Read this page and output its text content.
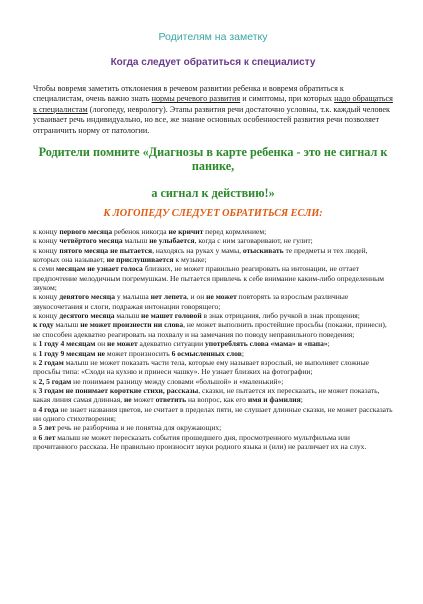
Родителям на заметку
Когда следует обратиться к специалисту
Чтобы вовремя заметить отклонения в речевом развитии ребенка и вовремя обратиться к специалистам, очень важно знать нормы речевого развития и симптомы, при которых надо обращаться к специалистам (логопеду, неврологу). Этапы развития речи достаточно условны, т.к. каждый человек усваивает речь индивидуально, но все, же знание основных особенностей развития речи позволяет отграничить норму от патологии.
Родители помните «Диагнозы в карте ребенка - это не сигнал к панике,
а сигнал к действию!»
К ЛОГОПЕДУ СЛЕДУЕТ ОБРАТИТЬСЯ ЕСЛИ:

к концу первого месяца ребенок никогда не кричит перед кормлением;

к концу четвёртого месяца малыш не улыбается, когда с ним заговаривают, не гулит;

к концу пятого месяца не пытается, находясь на руках у мамы, отыскивать те предметы и тех людей, которых она называет, не прислушивается к музыке;

к семи месяцам не узнает голоса близких, не может правильно реагировать на интонации, не оттает предпочтение мелодичным погремушкам. Не пытается привлечь к себе внимание каким-либо определенным звуком;

к концу девятого месяца у малыша нет лепета, и он не может повторять за взрослым различные звукосочетания и слоги, подражая интонации говорящего;

к концу десятого месяца малыш не машет головой в знак отрицания, либо ручкой в знак прощения;

к году малыш не может произнести ни слова, не может выполнить простейшие просьбы (покажи, принеси), не способен адекватно реагировать на похвалу и на замечания по поводу неправильного поведения;

к 1 году 4 месяцам он не может адекватно ситуации употреблять слова «мама» и «папа»;

к 1 году 9 месяцам не может произносить 6 осмысленных слов;

к 2 годам малыш не может показать части тела, которые ему называет взрослый, не выполняет сложные просьбы типа: «Сходи на кухню и принеси чашку». Не узнает близких на фотографии;

к 2, 5 годам не понимаем разницу между словами «большой» и «маленький»;

к 3 годам не понимает короткие стихи, рассказы, сказки, не пытается их пересказать, не может показать, какая линия самая длинная, не может ответить на вопрос, как его имя и фамилия;

в 4 года не знает названия цветов, не считает в пределах пяти, не слушает длинные сказки, не может рассказать ни одного стихотворения;

в 5 лет речь не разборчива и не понятна для окружающих;

в 6 лет малыш не может пересказать события прошедшего дня, просмотренного мультфильма или прочитанного рассказа. Не правильно произносит звуки родного языка и (или) не различает их на слух.
